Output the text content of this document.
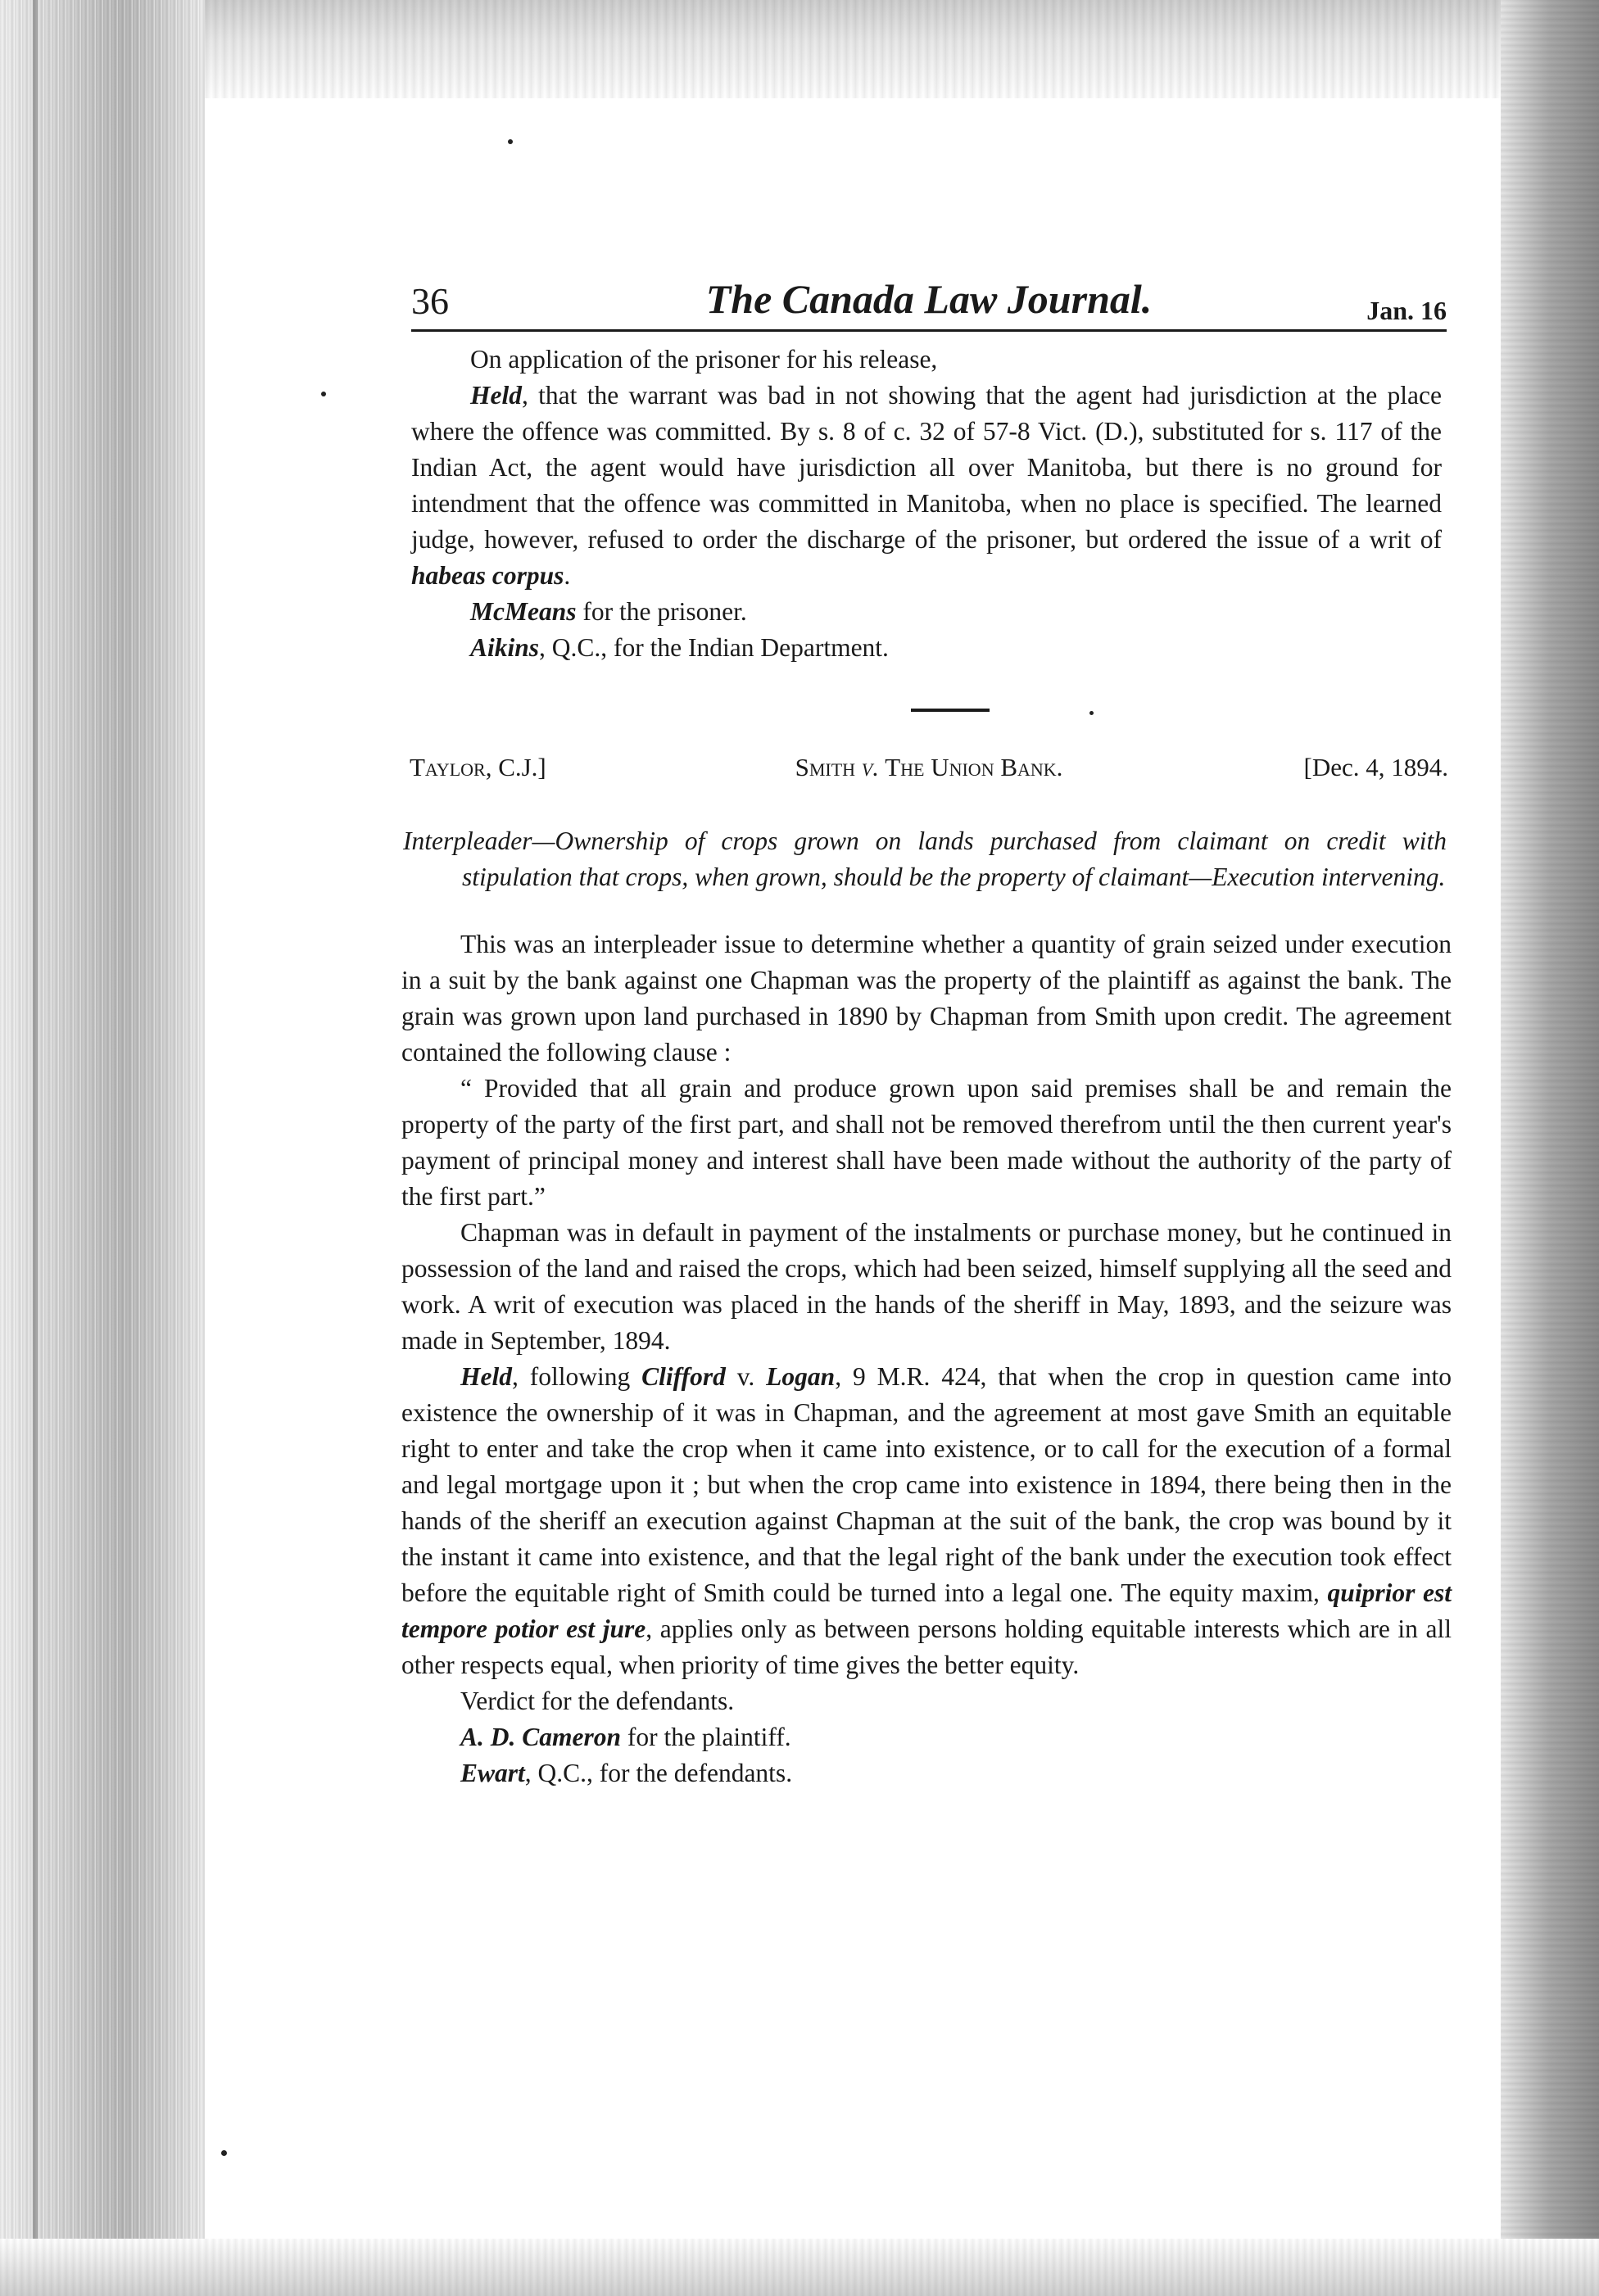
36	The Canada Law Journal.	Jan. 16

On application of the prisoner for his release,

Held, that the warrant was bad in not showing that the agent had jurisdiction at the place where the offence was committed. By s. 8 of c. 32 of 57-8 Vict. (D.), substituted for s. 117 of the Indian Act, the agent would have jurisdiction all over Manitoba, but there is no ground for intendment that the offence was committed in Manitoba, when no place is specified. The learned judge, however, refused to order the discharge of the prisoner, but ordered the issue of a writ of habeas corpus.

McMeans for the prisoner.

Aikins, Q.C., for the Indian Department.

Taylor, C.J.]	Smith v. The Union Bank.	[Dec. 4, 1894.
Interpleader—Ownership of crops grown on lands purchased from claimant on credit with stipulation that crops, when grown, should be the property of claimant—Execution intervening.

This was an interpleader issue to determine whether a quantity of grain seized under execution in a suit by the bank against one Chapman was the property of the plaintiff as against the bank. The grain was grown upon land purchased in 1890 by Chapman from Smith upon credit. The agreement contained the following clause :

“ Provided that all grain and produce grown upon said premises shall be and remain the property of the party of the first part, and shall not be removed therefrom until the then current year's payment of principal money and interest shall have been made without the authority of the party of the first part.”

Chapman was in default in payment of the instalments or purchase money, but he continued in possession of the land and raised the crops, which had been seized, himself supplying all the seed and work. A writ of execution was placed in the hands of the sheriff in May, 1893, and the seizure was made in September, 1894.

Held, following Clifford v. Logan, 9 M.R. 424, that when the crop in question came into existence the ownership of it was in Chapman, and the agreement at most gave Smith an equitable right to enter and take the crop when it came into existence, or to call for the execution of a formal and legal mortgage upon it ; but when the crop came into existence in 1894, there being then in the hands of the sheriff an execution against Chapman at the suit of the bank, the crop was bound by it the instant it came into existence, and that the legal right of the bank under the execution took effect before the equitable right of Smith could be turned into a legal one. The equity maxim, quiprior est tempore potior est jure, applies only as between persons holding equitable interests which are in all other respects equal, when priority of time gives the better equity.

Verdict for the defendants.

A. D. Cameron for the plaintiff.

Ewart, Q.C., for the defendants.
